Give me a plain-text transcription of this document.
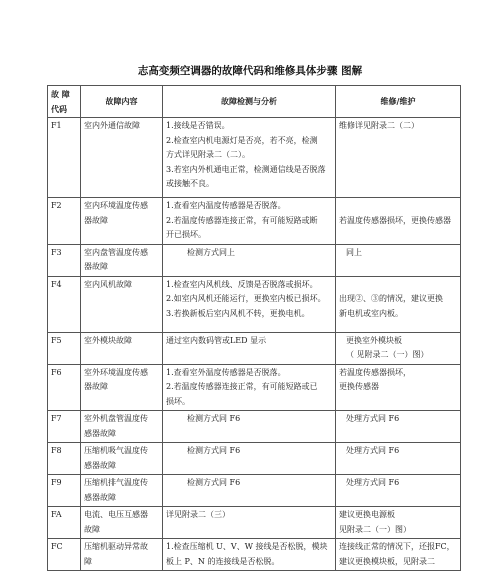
志高变频空调器的故障代码和维修具体步骤 图解
故 障
代码	故障内容	故障检测与分析	维修/维护

F1	室内外通信故障	1.接线是否错误。
2.检查室内机电源灯是否亮，若不亮，检测
方式详见附录二（二）。
3.若室内外机通电正常，检测通信线是否脱落
或接触不良。	维修详见附录二（二）

F2	室内环境温度传感
器故障	1.查看室内温度传感器是否脱落。
2.若温度传感器连接正常，有可能短路或断
开已损坏。	若温度传感器损坏，更换传感器

F3	室内盘管温度传感
器故障	检测方式同上	同上

F4	室内风机故障	1.检查室内风机线、反馈是否脱落或损坏。
2.如室内风机还能运行，更换室内板已损坏。
3.若换新板后室内风机不转，更换电机。	出现②、③的情况，建议更换
新电机或室内板。

F5	室外模块故障	通过室内数码管或LED 显示	更换室外模块板
（ 见附录二（一）图）

F6	室外环境温度传感
器故障	1.查看室外温度传感器是否脱落。
2.若温度传感器连接正常，有可能短路或已
损坏。	若温度传感器损坏，
更换传感器

F7	室外机盘管温度传
感器故障	检测方式同 F6	处理方式同 F6

F8	压缩机吸气温度传
感器故障	检测方式同 F6	处理方式同 F6

F9	压缩机排气温度传
感器故障	检测方式同 F6	处理方式同 F6

FA	电流、电压互感器
故障	详见附录二（三）	建议更换电源板
见附录二（一）图）

FC	压缩机驱动异常故
障	1.检查压缩机 U、V、W 接线是否松脱，模块
板上 P、N 的连接线是否松脱。	连接线正常的情况下，还报FC，
建议更换模块板，见附录二
